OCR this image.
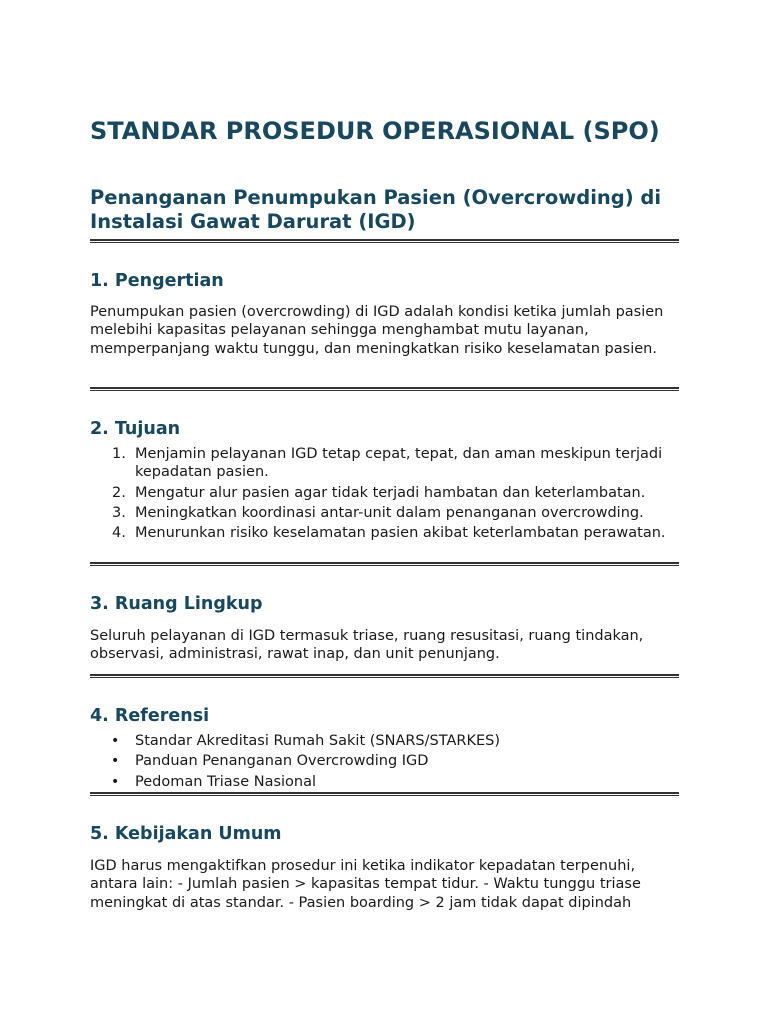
STANDAR PROSEDUR OPERASIONAL (SPO)
Penanganan Penumpukan Pasien (Overcrowding) di Instalasi Gawat Darurat (IGD)
1. Pengertian

Penumpukan pasien (overcrowding) di IGD adalah kondisi ketika jumlah pasien melebihi kapasitas pelayanan sehingga menghambat mutu layanan, memperpanjang waktu tunggu, dan meningkatkan risiko keselamatan pasien.

2. Tujuan
1. Menjamin pelayanan IGD tetap cepat, tepat, dan aman meskipun terjadi kepadatan pasien.
2. Mengatur alur pasien agar tidak terjadi hambatan dan keterlambatan.
3. Meningkatkan koordinasi antar-unit dalam penanganan overcrowding.
4. Menurunkan risiko keselamatan pasien akibat keterlambatan perawatan.
3. Ruang Lingkup

Seluruh pelayanan di IGD termasuk triase, ruang resusitasi, ruang tindakan, observasi, administrasi, rawat inap, dan unit penunjang.

4. Referensi
• Standar Akreditasi Rumah Sakit (SNARS/STARKES)
• Panduan Penanganan Overcrowding IGD
• Pedoman Triase Nasional
5. Kebijakan Umum

IGD harus mengaktifkan prosedur ini ketika indikator kepadatan terpenuhi, antara lain: - Jumlah pasien > kapasitas tempat tidur. - Waktu tunggu triase meningkat di atas standar. - Pasien boarding > 2 jam tidak dapat dipindah
